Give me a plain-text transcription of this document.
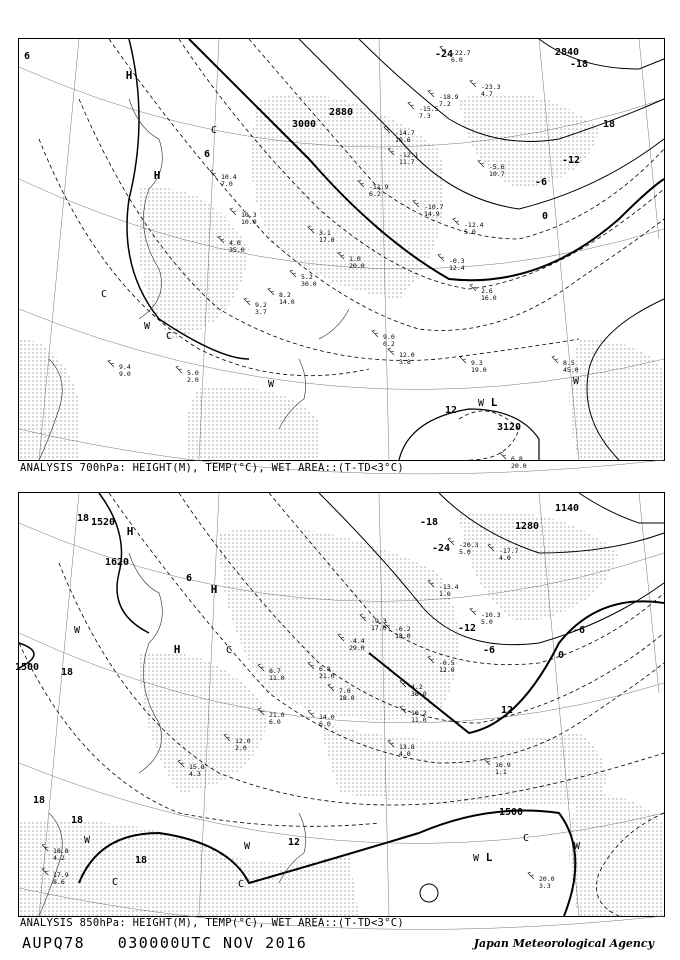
3000
2880
2840
3120
18
-12
-6
0
-18
6
12
-24
6
H
H
L
W
W
W
W
C
C
C
-22.7
6.0
-23.3
4.7
-18.9
7.2
-15.5
7.3
-14.7
10.6
-12.1
11.7
-11.9
6.2
-10.7
14.9
-12.4
5.0
-5.6
10.7
-0.3
12.4
2.6
16.0
3.1
17.0
1.0
20.0
5.2
30.0
8.2
14.0
9.2
3.7
9.0
0.2
12.0
3.8	9.3
19.0
8.5
45.0
6.8
20.0
10.4
7.0
10.3
10.0
4.0
35.0
9.4
9.0	5.0
2.0
ANALYSIS 700hPa: HEIGHT(M), TEMP(°C), WET AREA::(T-TD<3°C)
1520
1620
1280
1140
1500
1500
18
18
18
18
18
-24
-18
-12
-6	0
6
12
12
-6
H
H
H
L
W
W
W
W
W
C
C	C
C
-20.3
5.0	-17.7
4.0
-13.4
1.0
-10.3
5.0
-9.3
17.0 -6.2
18.0
-4.4
29.0
-0.5
12.0
4.2
36.0
6.8
21.0
7.0
18.0
10.2
11.0
13.8
4.0
16.9
1.1
20.0
3.3
15.8
4.3
18.8
4.2
17.9
8.6
21.0
6.0
14.0
6.0
8.7
11.0
12.0
2.0
ANALYSIS 850hPa: HEIGHT(M), TEMP(°C), WET AREA::(T-TD<3°C)
AUPQ78 030000UTC NOV 2016	Japan Meteorological Agency
